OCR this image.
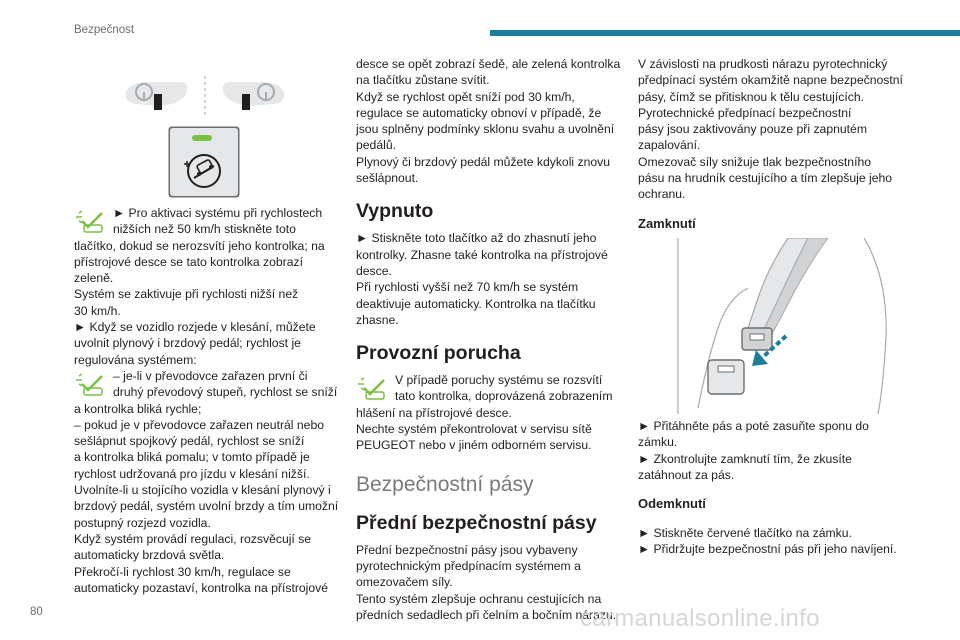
Bezpečnost

► Pro aktivaci systému při rychlostech

nižších než 50 km/h stiskněte toto

tlačítko, dokud se nerozsvítí jeho kontrolka; na

přístrojové desce se tato kontrolka zobrazí

zeleně.

Systém se zaktivuje při rychlosti nižší než

30 km/h.

► Když se vozidlo rozjede v klesání, můžete

uvolnit plynový i brzdový pedál; rychlost je

regulována systémem:

– je-li v převodovce zařazen první či

druhý převodový stupeň, rychlost se sníží

a kontrolka bliká rychle;

– pokud je v převodovce zařazen neutrál nebo

sešlápnut spojkový pedál, rychlost se sníží

a kontrolka bliká pomalu; v tomto případě je

rychlost udržovaná pro jízdu v klesání nižší.

Uvolníte-li u stojícího vozidla v klesání plynový i

brzdový pedál, systém uvolní brzdy a tím umožní

postupný rozjezd vozidla.

Když systém provádí regulaci, rozsvěcují se

automaticky brzdová světla.

Překročí-li rychlost 30 km/h, regulace se

automaticky pozastaví, kontrolka na přístrojové

desce se opět zobrazí šedě, ale zelená kontrolka

na tlačítku zůstane svítit.

Když se rychlost opět sníží pod 30 km/h,

regulace se automaticky obnoví v případě, že

jsou splněny podmínky sklonu svahu a uvolnění

pedálů.

Plynový či brzdový pedál můžete kdykoli znovu

sešlápnout.

Vypnuto

► Stiskněte toto tlačítko až do zhasnutí jeho

kontrolky. Zhasne také kontrolka na přístrojové

desce.

Při rychlosti vyšší než 70 km/h se systém

deaktivuje automaticky. Kontrolka na tlačítku

zhasne.

Provozní porucha

V případě poruchy systému se rozsvítí

tato kontrolka, doprovázená zobrazením

hlášení na přístrojové desce.

Nechte systém překontrolovat v servisu sítě

PEUGEOT nebo v jiném odborném servisu.

Bezpečnostní pásy
Přední bezpečnostní pásy

Přední bezpečnostní pásy jsou vybaveny

pyrotechnickým předpínacím systémem a

omezovačem síly.

Tento systém zlepšuje ochranu cestujících na

předních sedadlech při čelním a bočním nárazu.

V závislosti na prudkosti nárazu pyrotechnický

předpínací systém okamžitě napne bezpečnostní

pásy, čímž se přitisknou k tělu cestujících.

Pyrotechnické předpínací bezpečnostní

pásy jsou zaktivovány pouze při zapnutém

zapalování.

Omezovač síly snižuje tlak bezpečnostního

pásu na hrudník cestujícího a tím zlepšuje jeho

ochranu.

Zamknutí

► Přitáhněte pás a poté zasuňte sponu do

zámku.

► Zkontrolujte zamknutí tím, že zkusíte

zatáhnout za pás.

Odemknutí

► Stiskněte červené tlačítko na zámku.

► Přidržujte bezpečnostní pás při jeho navíjení.

80	carmanualsonline.info
